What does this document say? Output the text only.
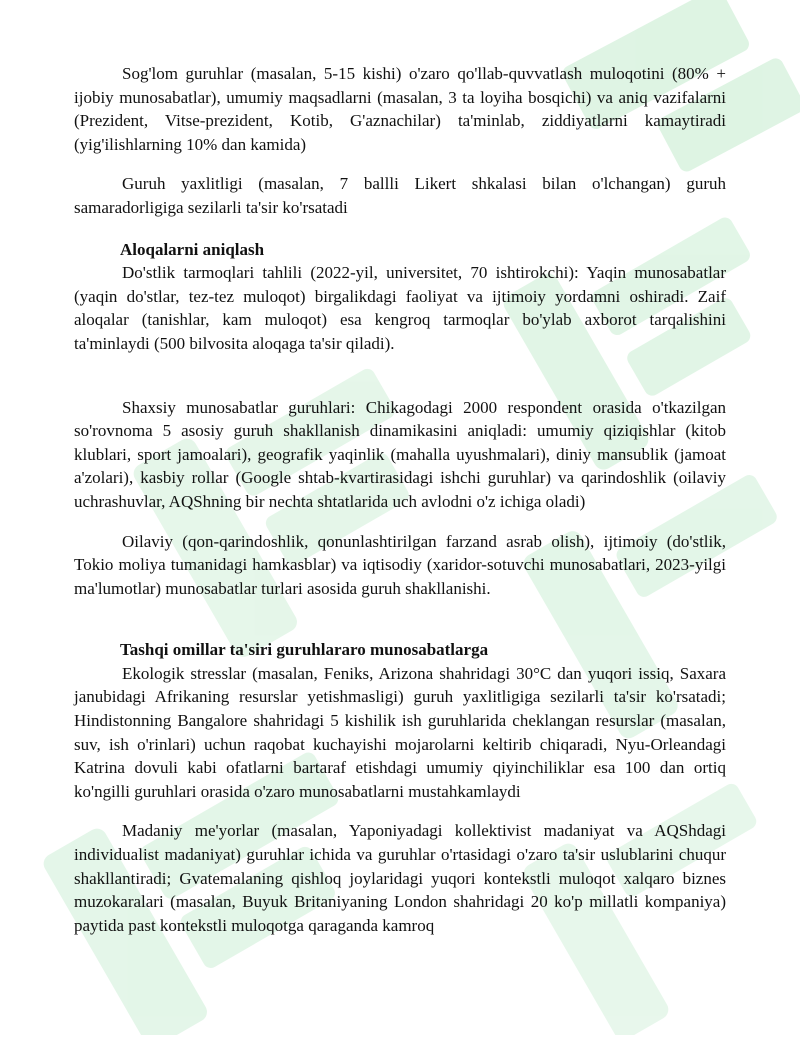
Sog'lom guruhlar (masalan, 5-15 kishi) o'zaro qo'llab-quvvatlash muloqotini (80% + ijobiy munosabatlar), umumiy maqsadlarni (masalan, 3 ta loyiha bosqichi) va aniq vazifalarni (Prezident, Vitse-prezident, Kotib, G'aznachilar) ta'minlab, ziddiyatlarni kamaytiradi (yig'ilishlarning 10% dan kamida)

Guruh yaxlitligi (masalan, 7 ballli Likert shkalasi bilan o'lchangan) guruh samaradorligiga sezilarli ta'sir ko'rsatadi

Aloqalarni aniqlash

Do'stlik tarmoqlari tahlili (2022-yil, universitet, 70 ishtirokchi): Yaqin munosabatlar (yaqin do'stlar, tez-tez muloqot) birgalikdagi faoliyat va ijtimoiy yordamni oshiradi. Zaif aloqalar (tanishlar, kam muloqot) esa kengroq tarmoqlar bo'ylab axborot tarqalishini ta'minlaydi (500 bilvosita aloqaga ta'sir qiladi).

Shaxsiy munosabatlar guruhlari: Chikagodagi 2000 respondent orasida o'tkazilgan so'rovnoma 5 asosiy guruh shakllanish dinamikasini aniqladi: umumiy qiziqishlar (kitob klublari, sport jamoalari), geografik yaqinlik (mahalla uyushmalari), diniy mansublik (jamoat a'zolari), kasbiy rollar (Google shtab-kvartirasidagi ishchi guruhlar) va qarindoshlik (oilaviy uchrashuvlar, AQShning bir nechta shtatlarida uch avlodni o'z ichiga oladi)

Oilaviy (qon-qarindoshlik, qonunlashtirilgan farzand asrab olish), ijtimoiy (do'stlik, Tokio moliya tumanidagi hamkasblar) va iqtisodiy (xaridor-sotuvchi munosabatlari, 2023-yilgi ma'lumotlar) munosabatlar turlari asosida guruh shakllanishi.

Tashqi omillar ta'siri guruhlararo munosabatlarga

Ekologik stresslar (masalan, Feniks, Arizona shahridagi 30°C dan yuqori issiq, Saxara janubidagi Afrikaning resurslar yetishmasligi) guruh yaxlitligiga sezilarli ta'sir ko'rsatadi; Hindistonning Bangalore shahridagi 5 kishilik ish guruhlarida cheklangan resurslar (masalan, suv, ish o'rinlari) uchun raqobat kuchayishi mojarolarni keltirib chiqaradi, Nyu-Orleandagi Katrina dovuli kabi ofatlarni bartaraf etishdagi umumiy qiyinchiliklar esa 100 dan ortiq ko'ngilli guruhlari orasida o'zaro munosabatlarni mustahkamlaydi

Madaniy me'yorlar (masalan, Yaponiyadagi kollektivist madaniyat va AQShdagi individualist madaniyat) guruhlar ichida va guruhlar o'rtasidagi o'zaro ta'sir uslublarini chuqur shakllantiradi; Gvatemalaning qishloq joylaridagi yuqori kontekstli muloqot xalqaro biznes muzokaralari (masalan, Buyuk Britaniyaning London shahridagi 20 ko'p millatli kompaniya) paytida past kontekstli muloqotga qaraganda kamroq
